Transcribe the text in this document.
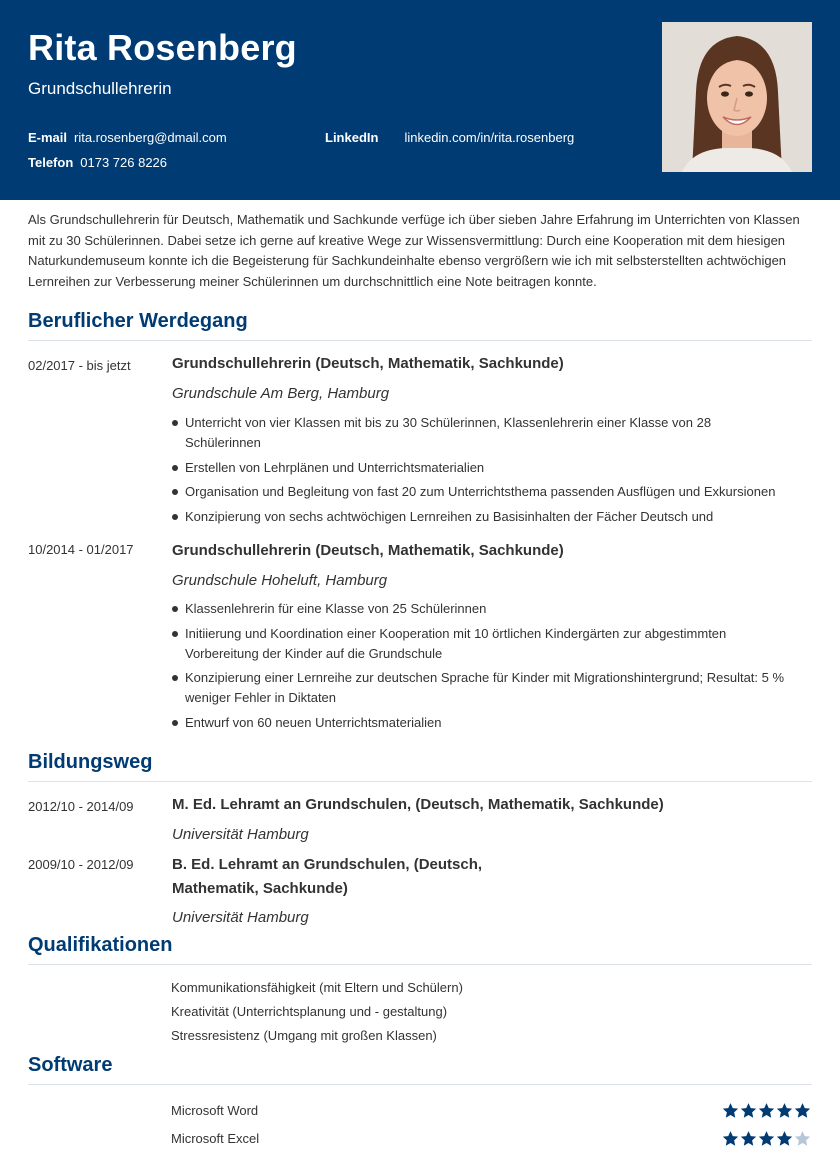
Rita Rosenberg
Grundschullehrerin
E-mail rita.rosenberg@dmail.com	LinkedIn linkedin.com/in/rita.rosenberg
Telefon 0173 726 8226
Als Grundschullehrerin für Deutsch, Mathematik und Sachkunde verfüge ich über sieben Jahre Erfahrung im Unterrichten von Klassen mit zu 30 Schülerinnen. Dabei setze ich gerne auf kreative Wege zur Wissensvermittlung: Durch eine Kooperation mit dem hiesigen Naturkundemuseum konnte ich die Begeisterung für Sachkundeinhalte ebenso vergrößern wie ich mit selbsterstellten achtwöchigen Lernreihen zur Verbesserung meiner Schülerinnen um durchschnittlich eine Note beitragen konnte.
Beruflicher Werdegang
02/2017 - bis jetzt	Grundschullehrerin (Deutsch, Mathematik, Sachkunde)
Grundschule Am Berg, Hamburg
Unterricht von vier Klassen mit bis zu 30 Schülerinnen, Klassenlehrerin einer Klasse von 28 Schülerinnen
Erstellen von Lehrplänen und Unterrichtsmaterialien
Organisation und Begleitung von fast 20 zum Unterrichtsthema passenden Ausflügen und Exkursionen
Konzipierung von sechs achtwöchigen Lernreihen zu Basisinhalten der Fächer Deutsch und
10/2014 - 01/2017	Grundschullehrerin (Deutsch, Mathematik, Sachkunde)
Grundschule Hoheluft, Hamburg
Klassenlehrerin für eine Klasse von 25 Schülerinnen
Initiierung und Koordination einer Kooperation mit 10 örtlichen Kindergärten zur abgestimmten Vorbereitung der Kinder auf die Grundschule
Konzipierung einer Lernreihe zur deutschen Sprache für Kinder mit Migrationshintergrund; Resultat: 5 % weniger Fehler in Diktaten
Entwurf von 60 neuen Unterrichtsmaterialien
Bildungsweg
2012/10 - 2014/09	M. Ed. Lehramt an Grundschulen, (Deutsch, Mathematik, Sachkunde)
Universität Hamburg
2009/10 - 2012/09	B. Ed. Lehramt an Grundschulen, (Deutsch,
Mathematik, Sachkunde)
Universität Hamburg
Qualifikationen
Kommunikationsfähigkeit (mit Eltern und Schülern)
Kreativität (Unterrichtsplanung und - gestaltung)
Stressresistenz (Umgang mit großen Klassen)
Software
Microsoft Word
Microsoft Excel
